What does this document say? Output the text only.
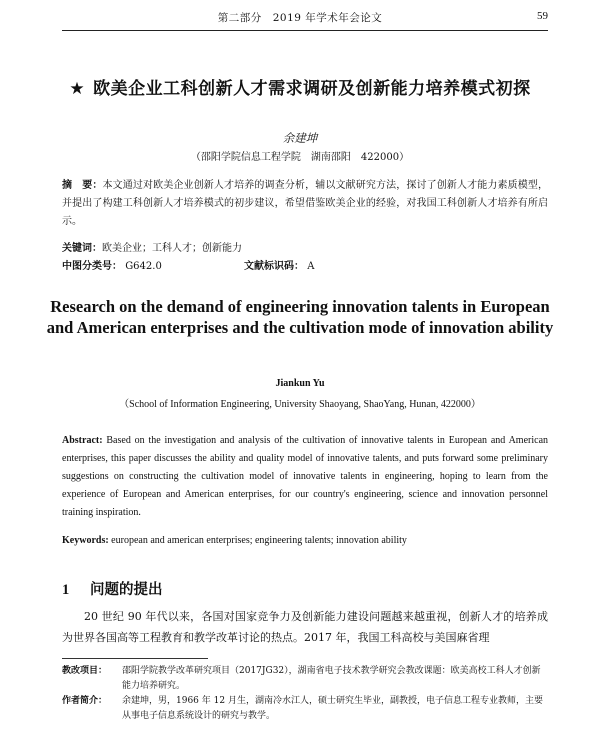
第二部分　2019 年学术年会论文	59
★ 欧美企业工科创新人才需求调研及创新能力培养模式初探
余建坤
（邵阳学院信息工程学院　湖南邵阳　422000）
摘　要：本文通过对欧美企业创新人才培养的调查分析，辅以文献研究方法，探讨了创新人才能力素质模型，并提出了构建工科创新人才培养模式的初步建议，希望借鉴欧美企业的经验，对我国工科创新人才培养有所启示。
关键词：欧美企业；工科人才；创新能力
中图分类号： G642.0	文献标识码： A
Research on the demand of engineering innovation talents in European and American enterprises and the cultivation mode of innovation ability
Jiankun Yu
（School of Information Engineering, University Shaoyang, ShaoYang, Hunan, 422000）
Abstract: Based on the investigation and analysis of the cultivation of innovative talents in European and American enterprises, this paper discusses the ability and quality model of innovative talents, and puts forward some preliminary suggestions on constructing the cultivation model of innovative talents in engineering, hoping to learn from the experience of European and American enterprises, for our country's engineering, science and innovation personnel training inspiration.
Keywords: european and american enterprises; engineering talents; innovation ability
1 问题的提出
20 世纪 90 年代以来，各国对国家竞争力及创新能力建设问题越来越重视，创新人才的培养成为世界各国高等工程教育和教学改革讨论的热点。2017 年，我国工科高校与美国麻省理
教改项目：	邵阳学院教学改革研究项目（2017JG32），湖南省电子技术教学研究会教改课题：欧美高校工科人才创新能力培养研究。
作者简介：	余建坤，男，1966 年 12 月生，湖南冷水江人，硕士研究生毕业，副教授，电子信息工程专业教师，主要从事电子信息系统设计的研究与教学。
